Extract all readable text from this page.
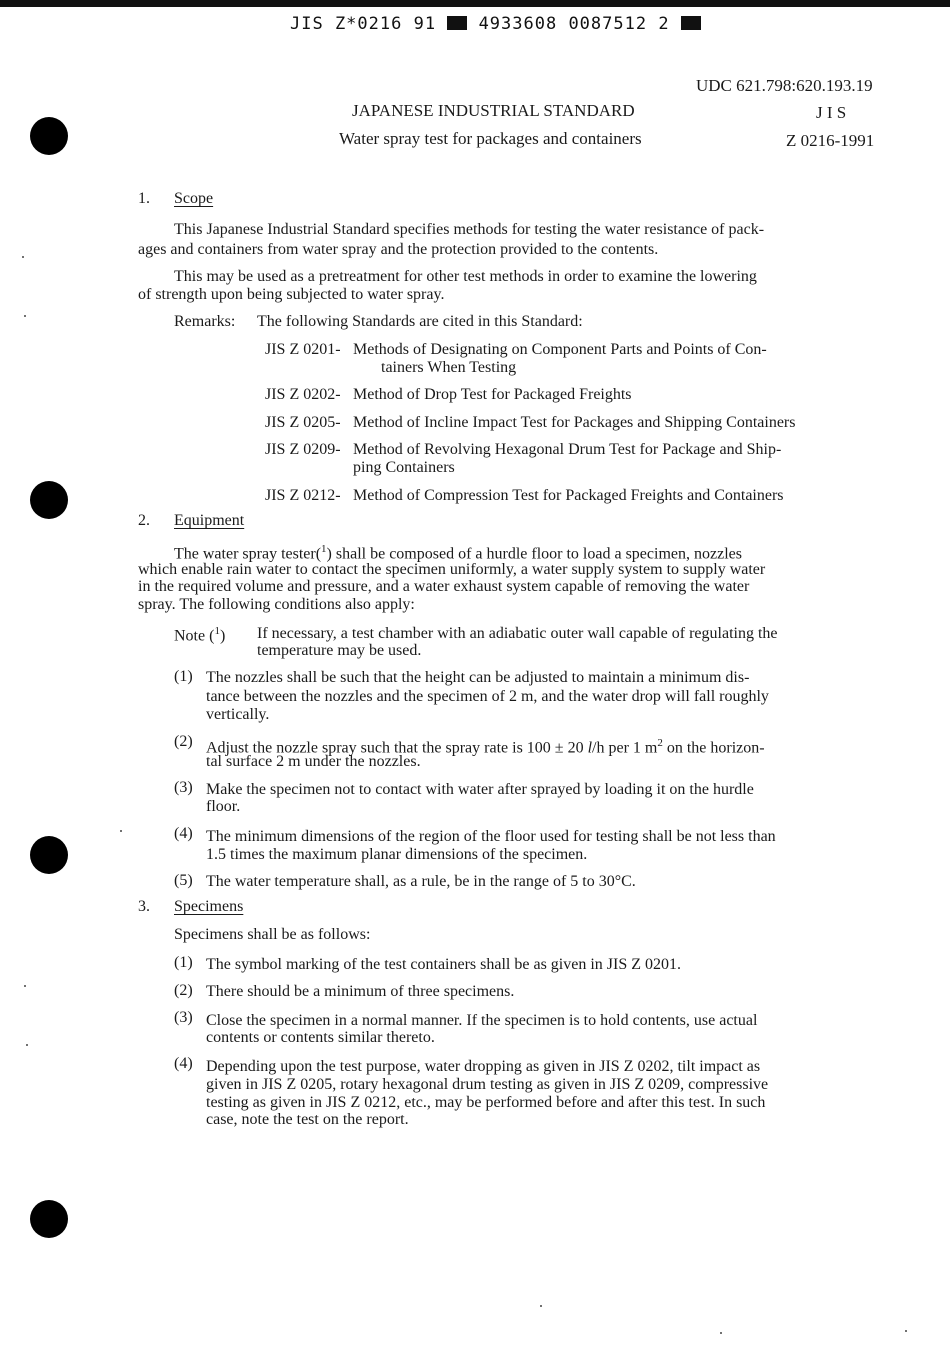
JIS Z*0216 91	4933608 0087512 2
UDC 621.798:620.193.19
JAPANESE INDUSTRIAL STANDARD	J I S
Water spray test for packages and containers	Z 0216-1991
1. Scope
This Japanese Industrial Standard specifies methods for testing the water resistance of pack-
ages and containers from water spray and the protection provided to the contents.
This may be used as a pretreatment for other test methods in order to examine the lowering
of strength upon being subjected to water spray.
Remarks: The following Standards are cited in this Standard:
JIS Z 0201- Methods of Designating on Component Parts and Points of Con-
tainers When Testing
JIS Z 0202- Method of Drop Test for Packaged Freights
JIS Z 0205- Method of Incline Impact Test for Packages and Shipping Containers
JIS Z 0209- Method of Revolving Hexagonal Drum Test for Package and Ship-
ping Containers
JIS Z 0212- Method of Compression Test for Packaged Freights and Containers
2. Equipment
The water spray tester($^1$) shall be composed of a hurdle floor to load a specimen, nozzles
which enable rain water to contact the specimen uniformly, a water supply system to supply water
in the required volume and pressure, and a water exhaust system capable of removing the water
spray. The following conditions also apply:
Note ($^1$) If necessary, a test chamber with an adiabatic outer wall capable of regulating the
temperature may be used.
(1) The nozzles shall be such that the height can be adjusted to maintain a minimum dis-
tance between the nozzles and the specimen of 2 m, and the water drop will fall roughly
vertically.
(2) Adjust the nozzle spray such that the spray rate is 100 ± 20 l/h per 1 $m^2$ on the horizon-
tal surface 2 m under the nozzles.
(3) Make the specimen not to contact with water after sprayed by loading it on the hurdle
floor.
(4) The minimum dimensions of the region of the floor used for testing shall be not less than
1.5 times the maximum planar dimensions of the specimen.
(5) The water temperature shall, as a rule, be in the range of 5 to 30°C.
3. Specimens
Specimens shall be as follows:
(1) The symbol marking of the test containers shall be as given in JIS Z 0201.
(2) There should be a minimum of three specimens.
(3) Close the specimen in a normal manner. If the specimen is to hold contents, use actual
contents or contents similar thereto.
(4) Depending upon the test purpose, water dropping as given in JIS Z 0202, tilt impact as
given in JIS Z 0205, rotary hexagonal drum testing as given in JIS Z 0209, compressive
testing as given in JIS Z 0212, etc., may be performed before and after this test. In such
case, note the test on the report.
